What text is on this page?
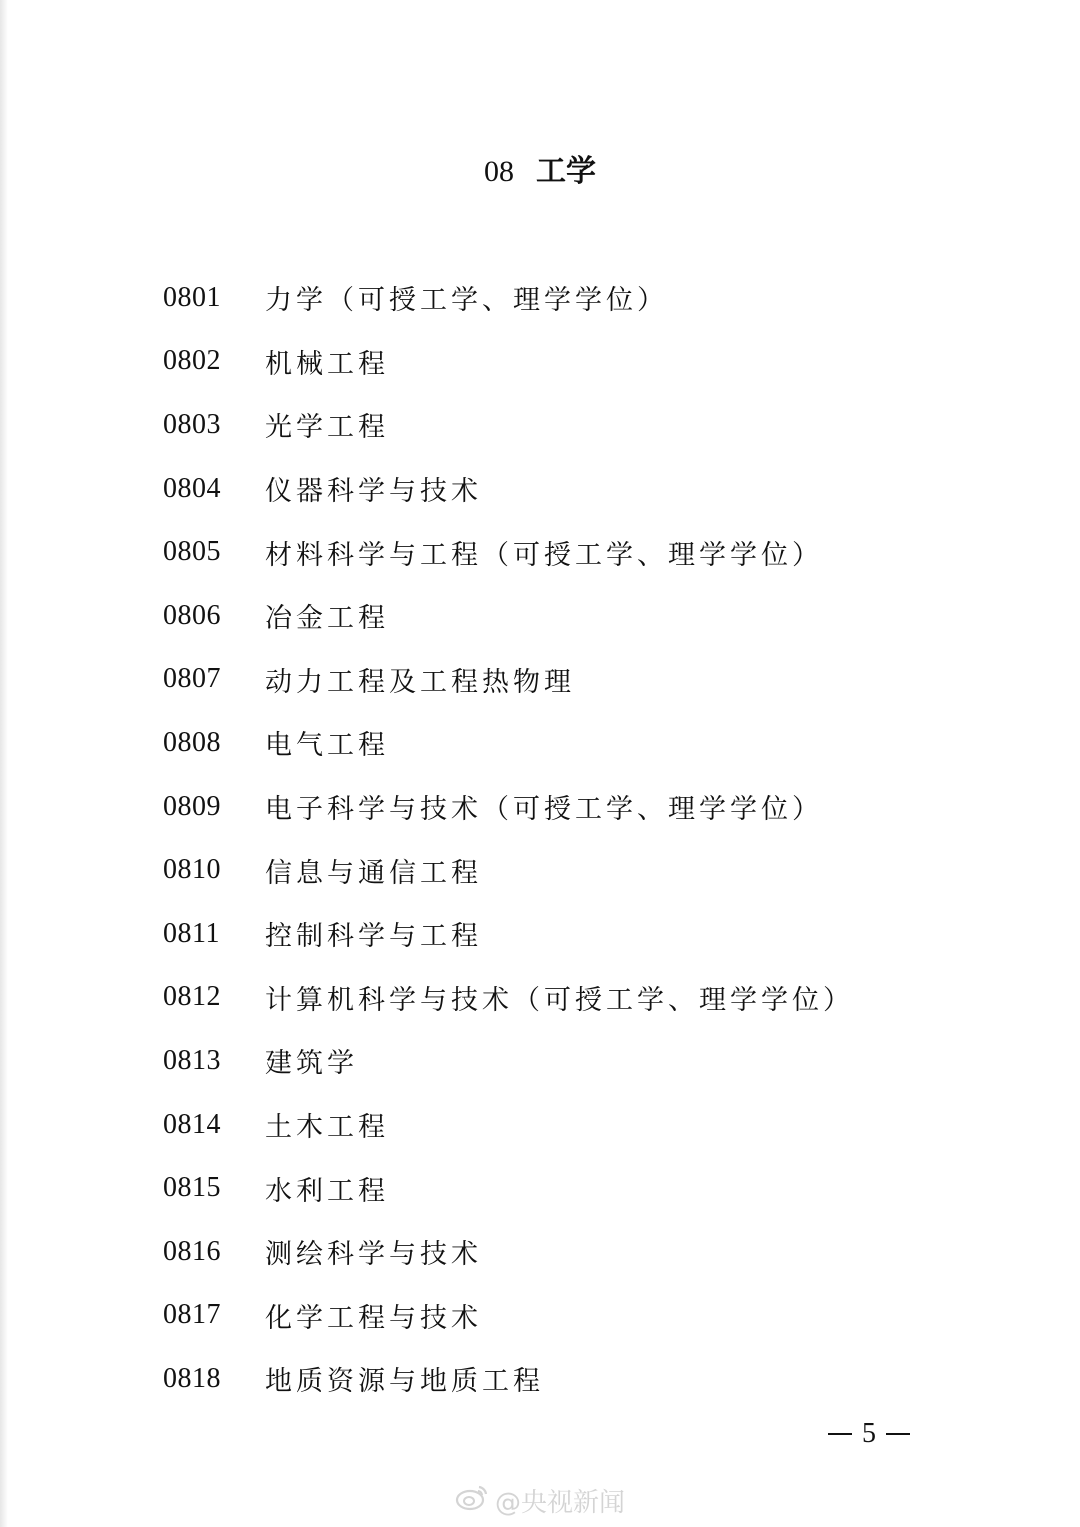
08 工学
0801	力学（可授工学、理学学位）
0802	机械工程
0803	光学工程
0804	仪器科学与技术
0805	材料科学与工程（可授工学、理学学位）
0806	冶金工程
0807	动力工程及工程热物理
0808	电气工程
0809	电子科学与技术（可授工学、理学学位）
0810	信息与通信工程
0811	控制科学与工程
0812	计算机科学与技术（可授工学、理学学位）
0813	建筑学
0814	土木工程
0815	水利工程
0816	测绘科学与技术
0817	化学工程与技术
0818	地质资源与地质工程
5
@央视新闻
